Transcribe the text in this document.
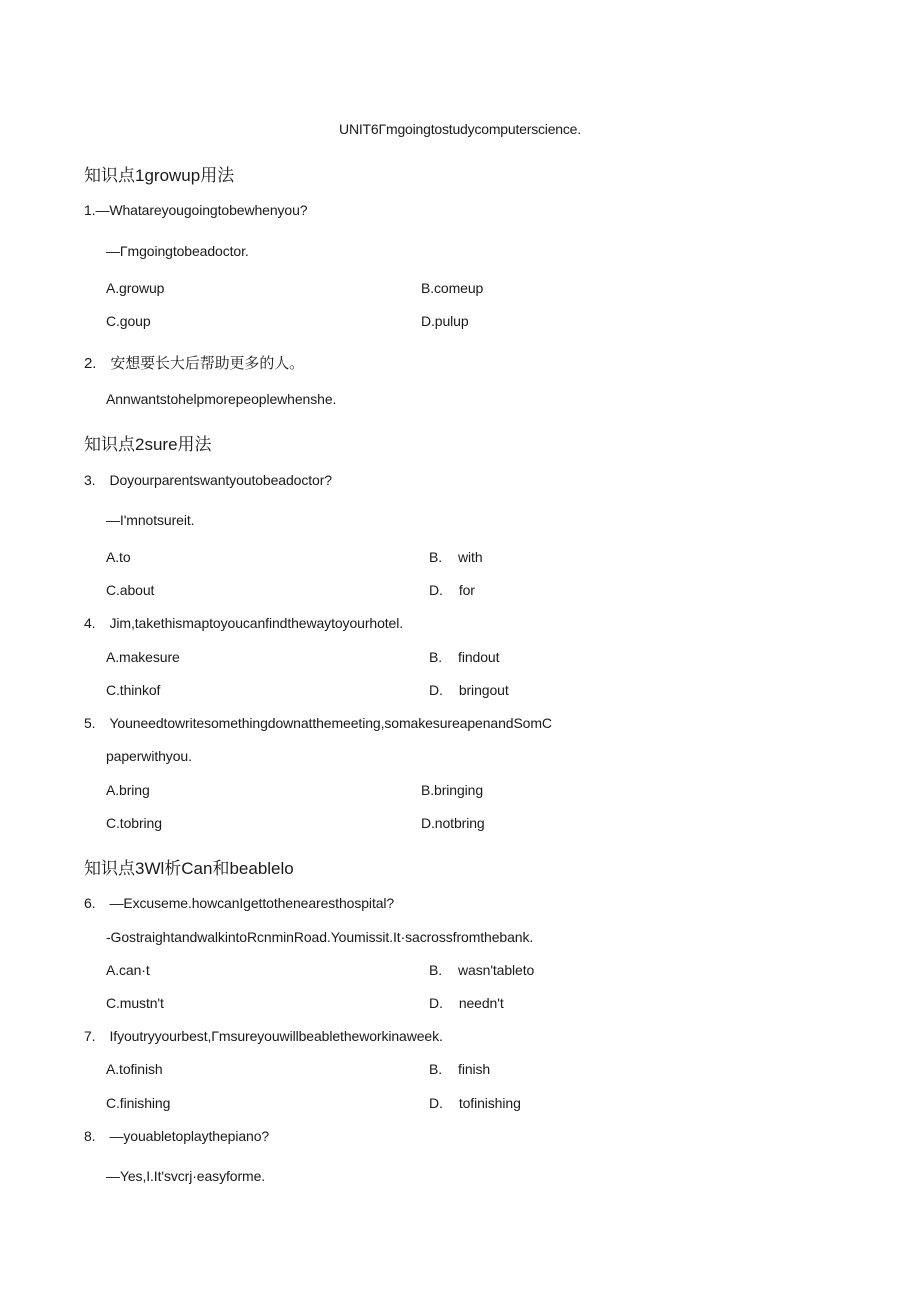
UNIT6Γmgoingtostudycomputerscience.
知识点1growup用法
1.—Whatareyougoingtobewhenyou?
—Γmgoingtobeadoctor.
A.growup	B.comeup
C.goup	D.pulup
2. 安想要长大后帮助更多的人。
Annwantstohelpmorepeoplewhenshe.
知识点2sure用法
3. Doyourparentswantyoutobeadoctor?
—I'mnotsureit.
A.to	B. with
C.about	D. for
4. Jim,takethismaptoyoucanfindthewaytoyourhotel.
A.makesure	B. findout
C.thinkof	D. bringout
5. Youneedtowritesomethingdownatthemeeting,somakesureapenandSomC
paperwithyou.
A.bring	B.bringing
C.tobring	D.notbring
知识点3Wl析Can和beablelo
6. —Excuseme.howcanIgettothenearesthospital?
-GostraightandwalkintoRcnminRoad.Youmissit.It·sacrossfromthebank.
A.can·t	B. wasn'tableto
C.mustn't	D. needn't
7. Ifyoutryyourbest,Γmsureyouwillbeabletheworkinaweek.
A.tofinish	B. finish
C.finishing	D. tofinishing
8. —youabletoplaythepiano?
—Yes,I.It'svcrj·easyforme.
